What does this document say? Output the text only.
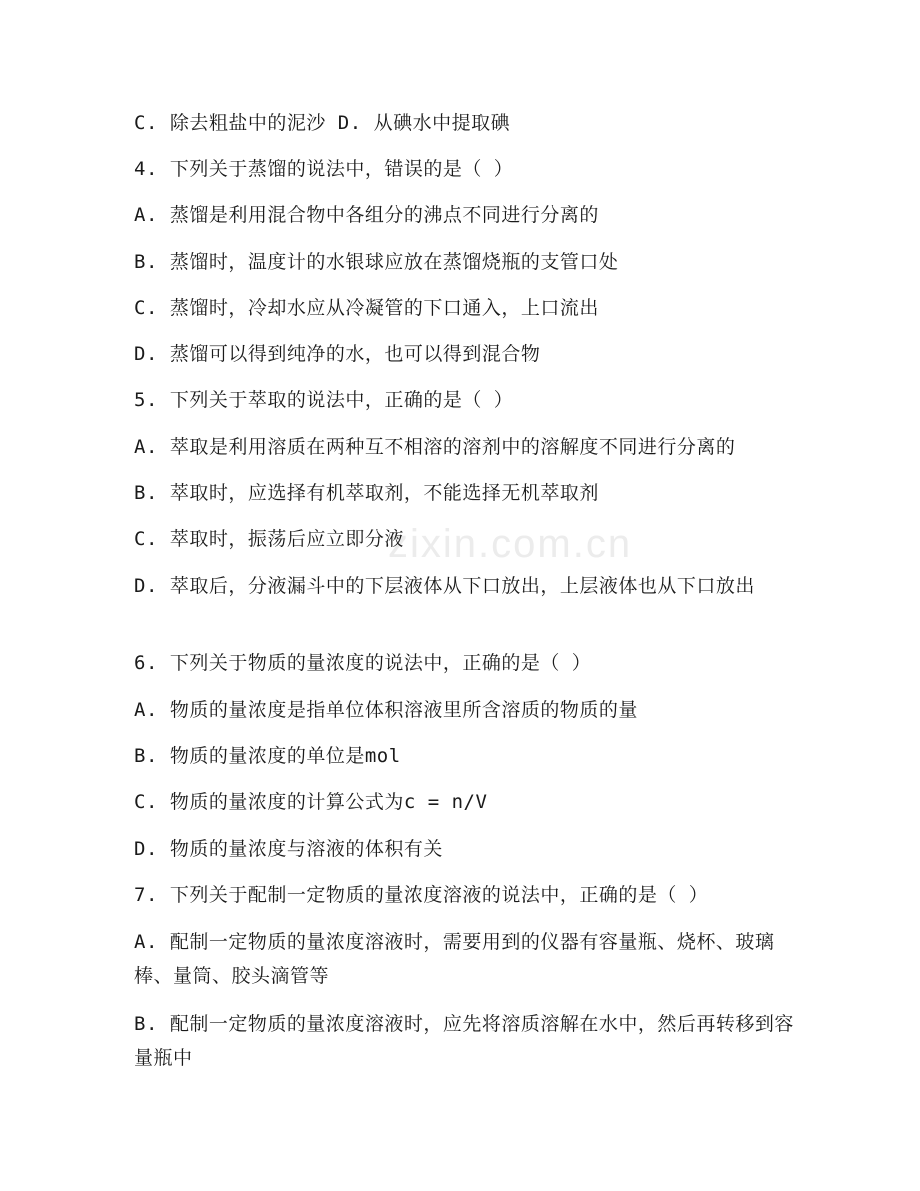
zixin.com.cn
C. 除去粗盐中的泥沙 D. 从碘水中提取碘
4. 下列关于蒸馏的说法中，错误的是（ ）
A. 蒸馏是利用混合物中各组分的沸点不同进行分离的
B. 蒸馏时，温度计的水银球应放在蒸馏烧瓶的支管口处
C. 蒸馏时，冷却水应从冷凝管的下口通入，上口流出
D. 蒸馏可以得到纯净的水，也可以得到混合物
5. 下列关于萃取的说法中，正确的是（ ）
A. 萃取是利用溶质在两种互不相溶的溶剂中的溶解度不同进行分离的
B. 萃取时，应选择有机萃取剂，不能选择无机萃取剂
C. 萃取时，振荡后应立即分液
D. 萃取后，分液漏斗中的下层液体从下口放出，上层液体也从下口放出
6. 下列关于物质的量浓度的说法中，正确的是（ ）
A. 物质的量浓度是指单位体积溶液里所含溶质的物质的量
B. 物质的量浓度的单位是mol
C. 物质的量浓度的计算公式为c = n/V
D. 物质的量浓度与溶液的体积有关
7. 下列关于配制一定物质的量浓度溶液的说法中，正确的是（ ）
A. 配制一定物质的量浓度溶液时，需要用到的仪器有容量瓶、烧杯、玻璃棒、量筒、胶头滴管等
B. 配制一定物质的量浓度溶液时，应先将溶质溶解在水中，然后再转移到容量瓶中
